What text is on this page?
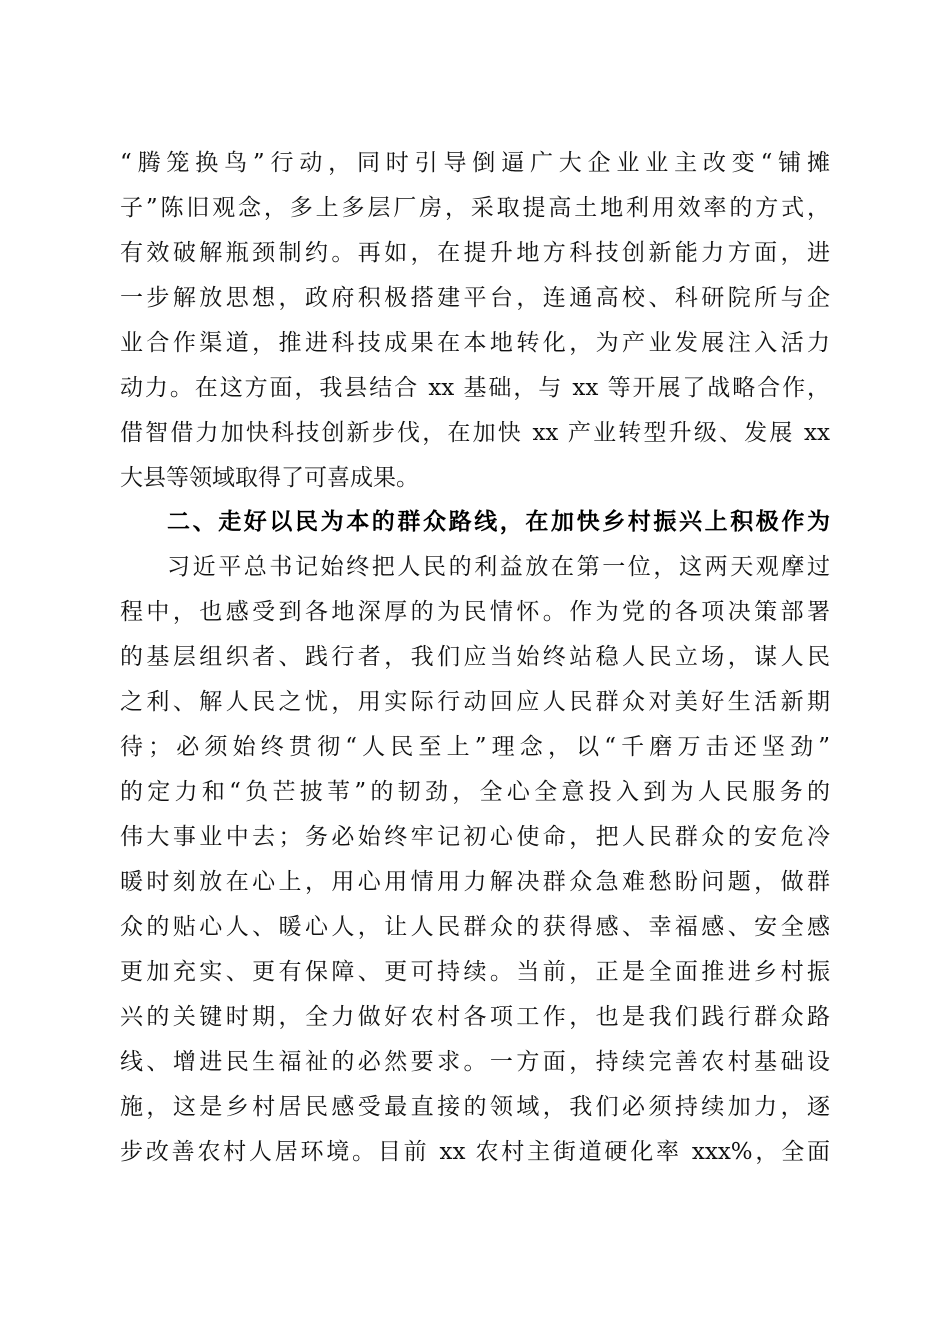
“腾笼换鸟”行动，同时引导倒逼广大企业业主改变“铺摊
子”陈旧观念，多上多层厂房，采取提高土地利用效率的方式，
有效破解瓶颈制约。再如，在提升地方科技创新能力方面，进
一步解放思想，政府积极搭建平台，连通高校、科研院所与企
业合作渠道，推进科技成果在本地转化，为产业发展注入活力
动力。在这方面，我县结合 xx 基础，与 xx 等开展了战略合作，
借智借力加快科技创新步伐，在加快 xx 产业转型升级、发展 xx
大县等领域取得了可喜成果。
二、走好以民为本的群众路线，在加快乡村振兴上积极作为
习近平总书记始终把人民的利益放在第一位，这两天观摩过
程中，也感受到各地深厚的为民情怀。作为党的各项决策部署
的基层组织者、践行者，我们应当始终站稳人民立场，谋人民
之利、解人民之忧，用实际行动回应人民群众对美好生活新期
待；必须始终贯彻“人民至上”理念，以“千磨万击还坚劲”
的定力和“负芒披苇”的韧劲，全心全意投入到为人民服务的
伟大事业中去；务必始终牢记初心使命，把人民群众的安危冷
暖时刻放在心上，用心用情用力解决群众急难愁盼问题，做群
众的贴心人、暖心人，让人民群众的获得感、幸福感、安全感
更加充实、更有保障、更可持续。当前，正是全面推进乡村振
兴的关键时期，全力做好农村各项工作，也是我们践行群众路
线、增进民生福祉的必然要求。一方面，持续完善农村基础设
施，这是乡村居民感受最直接的领域，我们必须持续加力，逐
步改善农村人居环境。目前 xx 农村主街道硬化率 xxx%，全面
